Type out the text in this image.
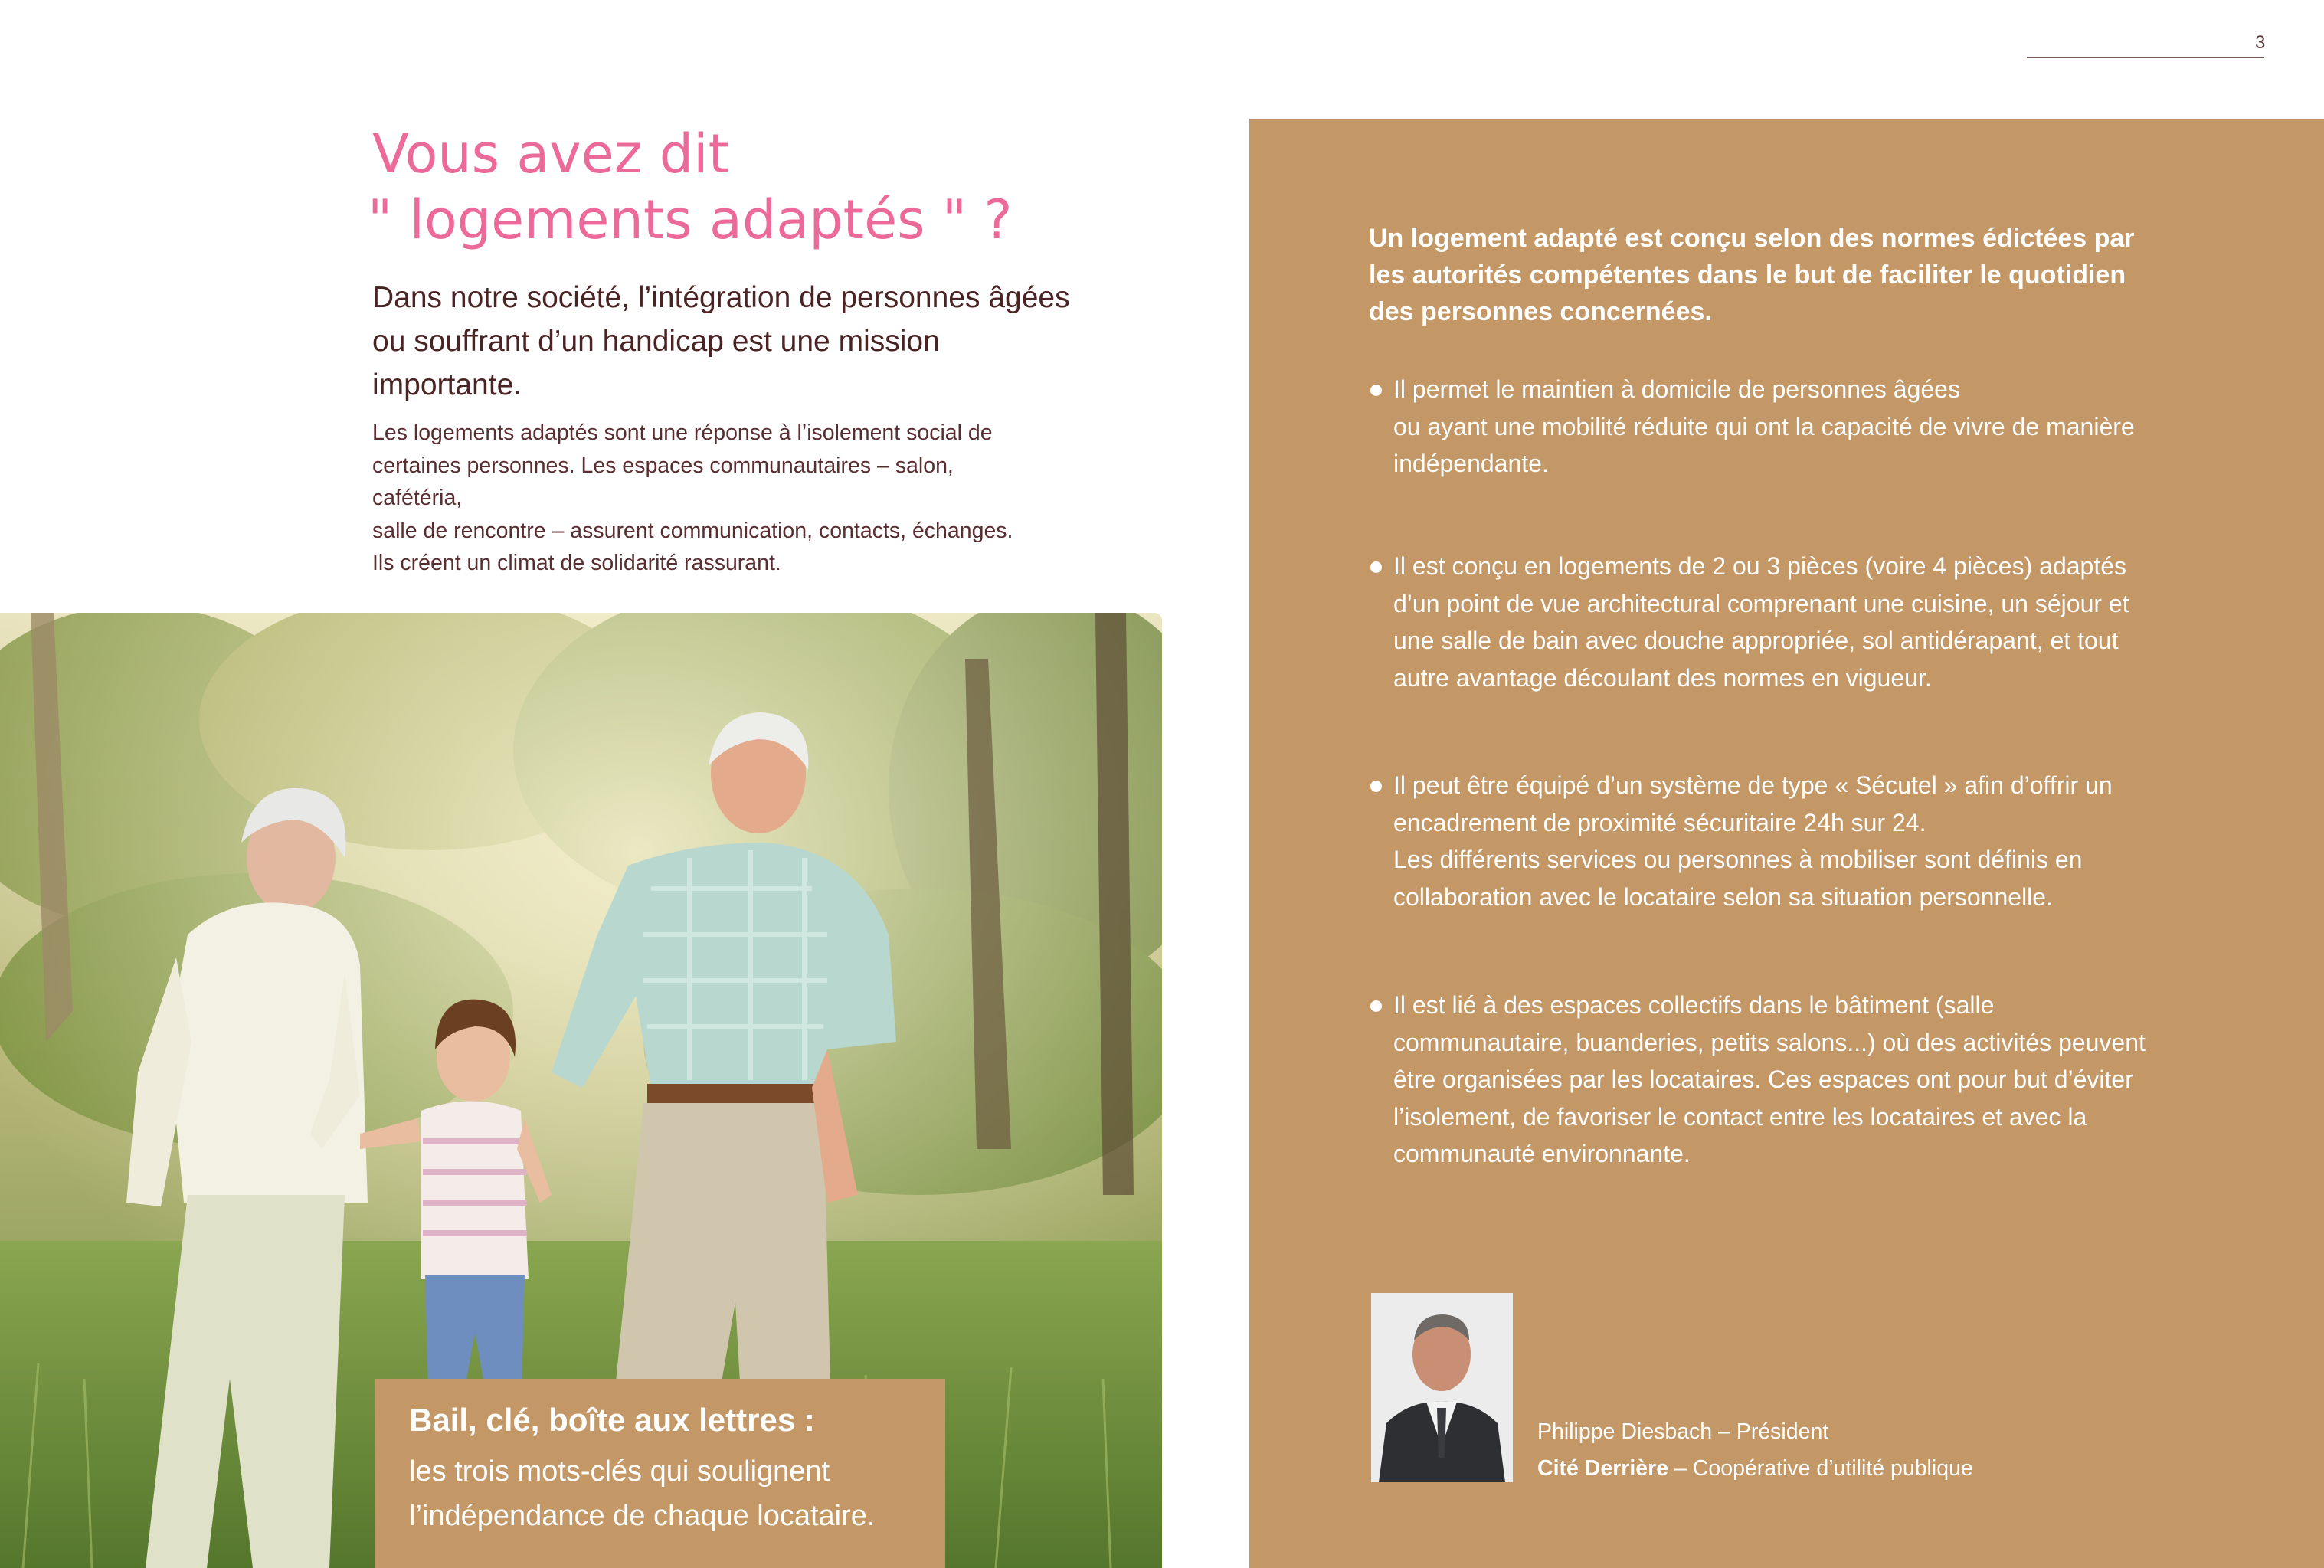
3
Vous avez dit
" logements adaptés " ?

Dans notre société, l’intégration de personnes âgées ou souffrant d’un handicap est une mission importante.

Les logements adaptés sont une réponse à l’isolement social de
certaines personnes. Les espaces communautaires – salon, cafétéria,
salle de rencontre – assurent communication, contacts, échanges.
Ils créent un climat de solidarité rassurant.

Bail, clé, boîte aux lettres :
les trois mots-clés qui soulignent
l’indépendance de chaque locataire.

Un logement adapté est conçu selon des normes édictées par
les autorités compétentes dans le but de faciliter le quotidien
des personnes concernées.

Il permet le maintien à domicile de personnes âgées
ou ayant une mobilité réduite qui ont la capacité de vivre de manière
indépendante.
Il est conçu en logements de 2 ou 3 pièces (voire 4 pièces) adaptés
d’un point de vue architectural comprenant une cuisine, un séjour et
une salle de bain avec douche appropriée, sol antidérapant, et tout
autre avantage découlant des normes en vigueur.
Il peut être équipé d’un système de type « Sécutel » afin d’offrir un
encadrement de proximité sécuritaire 24h sur 24.
Les différents services ou personnes à mobiliser sont définis en
collaboration avec le locataire selon sa situation personnelle.
Il est lié à des espaces collectifs dans le bâtiment (salle
communautaire, buanderies, petits salons...) où des activités peuvent
être organisées par les locataires. Ces espaces ont pour but d’éviter
l’isolement, de favoriser le contact entre les locataires et avec la
communauté environnante.
Philippe Diesbach – Président
Cité Derrière – Coopérative d’utilité publique
